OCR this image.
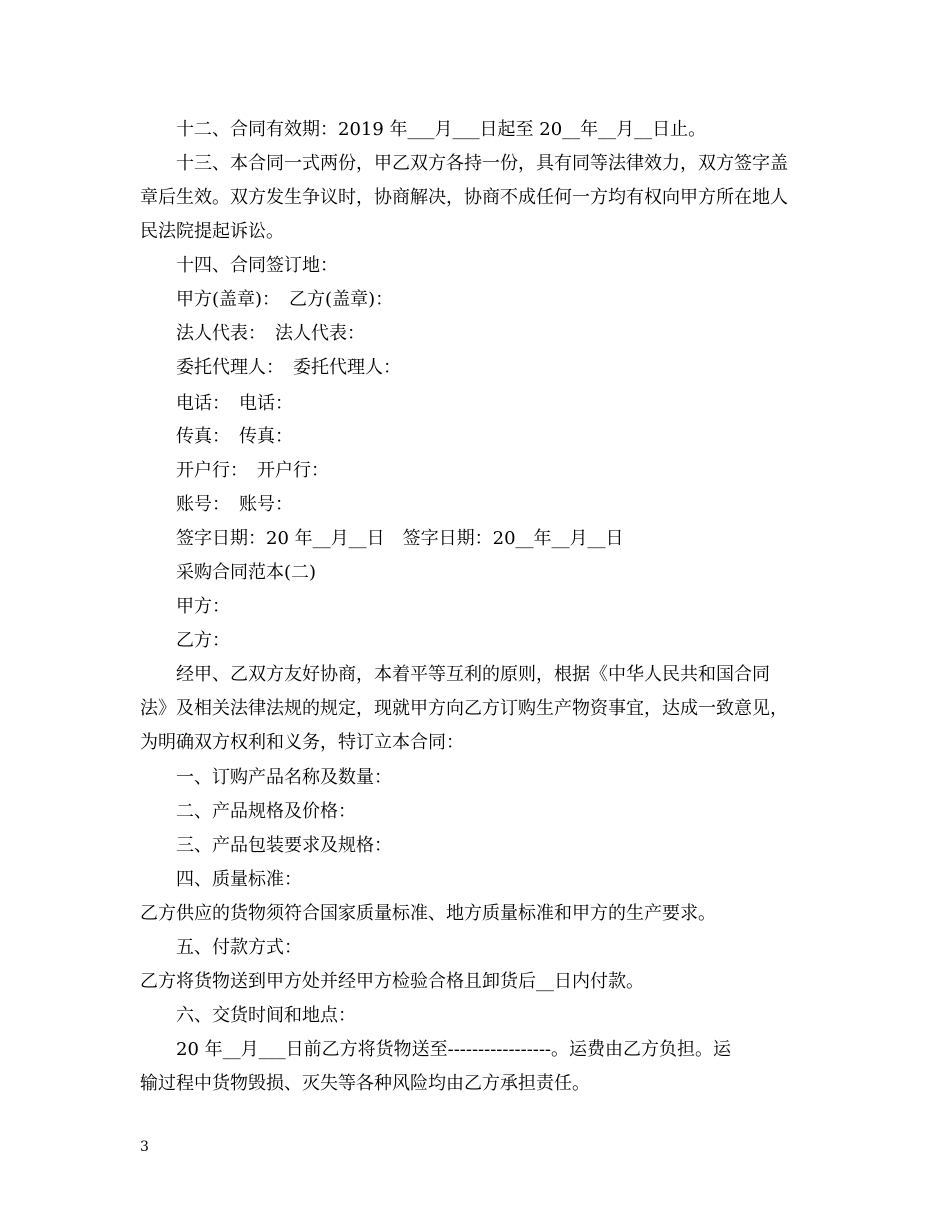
十二、合同有效期：2019 年___月___日起至 20__年__月__日止。
十三、本合同一式两份，甲乙双方各持一份，具有同等法律效力，双方签字盖
章后生效。双方发生争议时，协商解决，协商不成任何一方均有权向甲方所在地人
民法院提起诉讼。
十四、合同签订地：
甲方(盖章)：　乙方(盖章)：
法人代表：　法人代表：
委托代理人：　委托代理人：
电话：　电话：
传真：　传真：
开户行：　开户行：
账号：　账号：
签字日期：20 年__月__日　签字日期：20__年__月__日
采购合同范本(二)
甲方：
乙方：
经甲、乙双方友好协商，本着平等互利的原则，根据《中华人民共和国合同
法》及相关法律法规的规定，现就甲方向乙方订购生产物资事宜，达成一致意见，
为明确双方权利和义务，特订立本合同：
一、订购产品名称及数量：
二、产品规格及价格：
三、产品包装要求及规格：
四、质量标准：
乙方供应的货物须符合国家质量标准、地方质量标准和甲方的生产要求。
五、付款方式：
乙方将货物送到甲方处并经甲方检验合格且卸货后__日内付款。
六、交货时间和地点：
20 年__月___日前乙方将货物送至-----------------。运费由乙方负担。运
输过程中货物毁损、灭失等各种风险均由乙方承担责任。
3
